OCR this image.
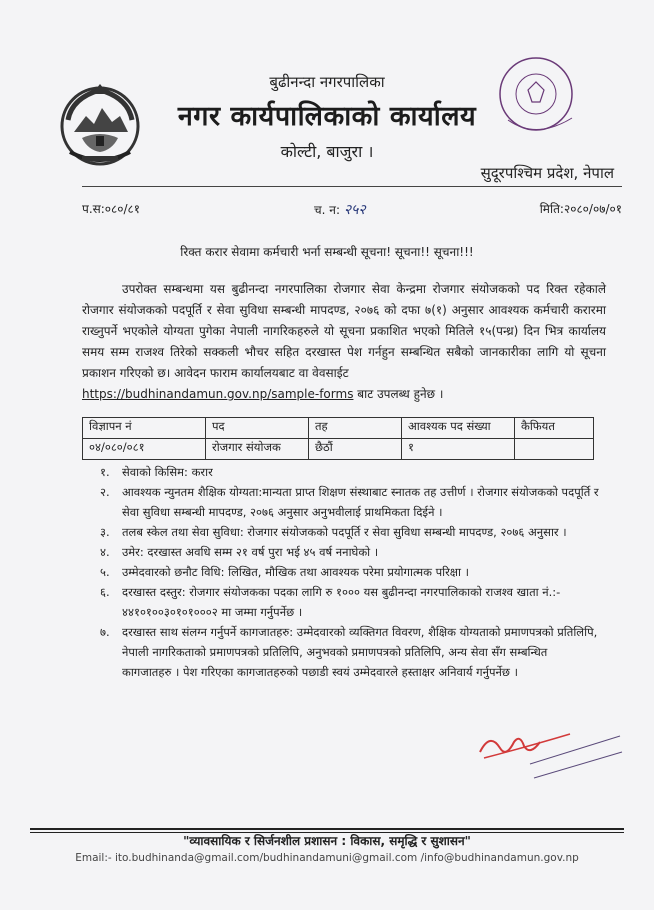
बुढीनन्दा नगरपालिका
नगर कार्यपालिकाको कार्यालय
कोल्टी, बाजुरा ।
सुदूरपश्चिम प्रदेश, नेपाल
प.स:०८०/८१	च. न: २५२	मिति:२०८०/०७/०१
रिक्त करार सेवामा कर्मचारी भर्ना सम्बन्धी सूचना! सूचना!! सूचना!!!
उपरोक्त सम्बन्धमा यस बुढीनन्दा नगरपालिका रोजगार सेवा केन्द्रमा रोजगार संयोजकको पद रिक्त रहेकाले रोजगार संयोजकको पदपूर्ति र सेवा सुविधा सम्बन्धी मापदण्ड, २०७६ को दफा ७(१) अनुसार आवश्यक कर्मचारी करारमा राख्नुपर्ने भएकोले योग्यता पुगेका नेपाली नागरिकहरुले यो सूचना प्रकाशित भएको मितिले १५(पन्ध्र) दिन भित्र कार्यालय समय सम्म राजश्व तिरेको सक्कली भौचर सहित दरखास्त पेश गर्नहुन सम्बन्धित सबैको जानकारीका लागि यो सूचना प्रकाशन गरिएको छ। आवेदन फाराम कार्यालयबाट वा वेवसाईट
https://budhinandamun.gov.np/sample-forms बाट उपलब्ध हुनेछ ।
विज्ञापन नं	पद	तह	आवश्यक पद संख्या	कैफियत
०४/०८०/०८१	रोजगार संयोजक	छैठौं	१	
१.	सेवाको किसिम: करार
२.	आवश्यक न्युनतम शैक्षिक योग्यता:मान्यता प्राप्त शिक्षण संस्थाबाट स्नातक तह उत्तीर्ण । रोजगार संयोजकको पदपूर्ति र सेवा सुविधा सम्बन्धी मापदण्ड, २०७६ अनुसार अनुभवीलाई प्राथमिकता दिईने ।
३.	तलब स्केल तथा सेवा सुविधा: रोजगार संयोजकको पदपूर्ति र सेवा सुविधा सम्बन्धी मापदण्ड, २०७६ अनुसार ।
४.	उमेर: दरखास्त अवधि सम्म २१ वर्ष पुरा भई ४५ वर्ष ननाघेको ।
५.	उम्मेदवारको छनौट विधि: लिखित, मौखिक तथा आवश्यक परेमा प्रयोगात्मक परिक्षा ।
६.	दरखास्त दस्तुर: रोजगार संयोजकका पदका लागि रु १००० यस बुढीनन्दा नगरपालिकाको राजश्व खाता नं.:- ४४१०१००३०१०१०००२ मा जम्मा गर्नुपर्नेछ ।
७.	दरखास्त साथ संलग्न गर्नुपर्ने कागजातहरु: उम्मेदवारको व्यक्तिगत विवरण, शैक्षिक योग्यताको प्रमाणपत्रको प्रतिलिपि, नेपाली नागरिकताको प्रमाणपत्रको प्रतिलिपि, अनुभवको प्रमाणपत्रको प्रतिलिपि, अन्य सेवा सँग सम्बन्धित कागजातहरु । पेश गरिएका कागजातहरुको पछाडी स्वयं उम्मेदवारले हस्ताक्षर अनिवार्य गर्नुपर्नेछ ।
"व्यावसायिक र सिर्जनशील प्रशासन : विकास, समृद्धि र सुशासन"
Email:- ito.budhinanda@gmail.com/budhinandamuni@gmail.com /info@budhinandamun.gov.np
